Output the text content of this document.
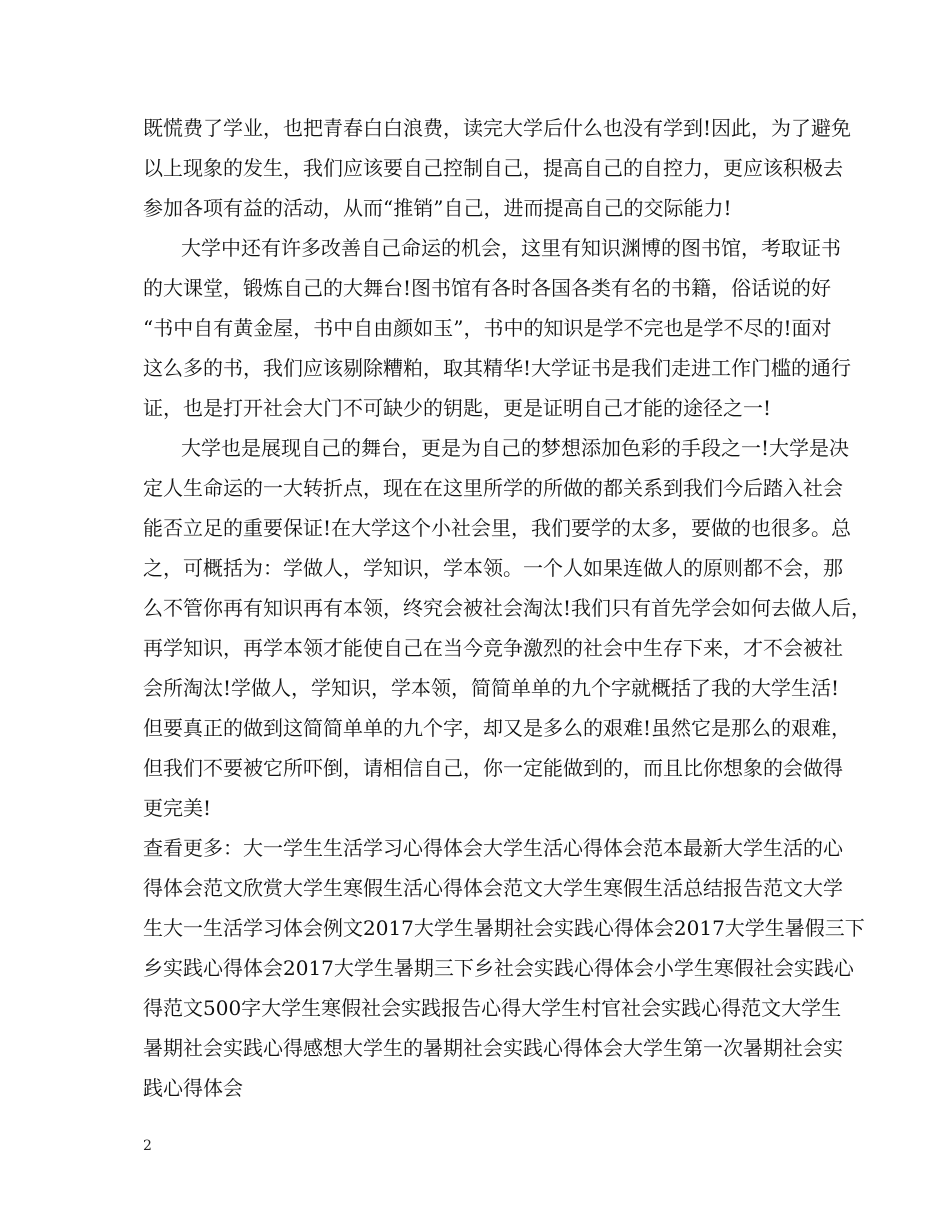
既慌费了学业，也把青春白白浪费，读完大学后什么也没有学到!因此，为了避免
以上现象的发生，我们应该要自己控制自己，提高自己的自控力，更应该积极去
参加各项有益的活动，从而“推销”自己，进而提高自己的交际能力!
大学中还有许多改善自己命运的机会，这里有知识渊博的图书馆，考取证书
的大课堂，锻炼自己的大舞台!图书馆有各时各国各类有名的书籍，俗话说的好
“书中自有黄金屋，书中自由颜如玉”，书中的知识是学不完也是学不尽的!面对
这么多的书，我们应该剔除糟粕，取其精华!大学证书是我们走进工作门槛的通行
证，也是打开社会大门不可缺少的钥匙，更是证明自己才能的途径之一!
大学也是展现自己的舞台，更是为自己的梦想添加色彩的手段之一!大学是决
定人生命运的一大转折点，现在在这里所学的所做的都关系到我们今后踏入社会
能否立足的重要保证!在大学这个小社会里，我们要学的太多，要做的也很多。总
之，可概括为：学做人，学知识，学本领。一个人如果连做人的原则都不会，那
么不管你再有知识再有本领，终究会被社会淘汰!我们只有首先学会如何去做人后，
再学知识，再学本领才能使自己在当今竞争激烈的社会中生存下来，才不会被社
会所淘汰!学做人，学知识，学本领，简简单单的九个字就概括了我的大学生活!
但要真正的做到这简简单单的九个字，却又是多么的艰难!虽然它是那么的艰难，
但我们不要被它所吓倒，请相信自己，你一定能做到的，而且比你想象的会做得
更完美!
查看更多：大一学生生活学习心得体会大学生活心得体会范本最新大学生活的心
得体会范文欣赏大学生寒假生活心得体会范文大学生寒假生活总结报告范文大学
生大一生活学习体会例文2017大学生暑期社会实践心得体会2017大学生暑假三下
乡实践心得体会2017大学生暑期三下乡社会实践心得体会小学生寒假社会实践心
得范文500字大学生寒假社会实践报告心得大学生村官社会实践心得范文大学生
暑期社会实践心得感想大学生的暑期社会实践心得体会大学生第一次暑期社会实
践心得体会
2
